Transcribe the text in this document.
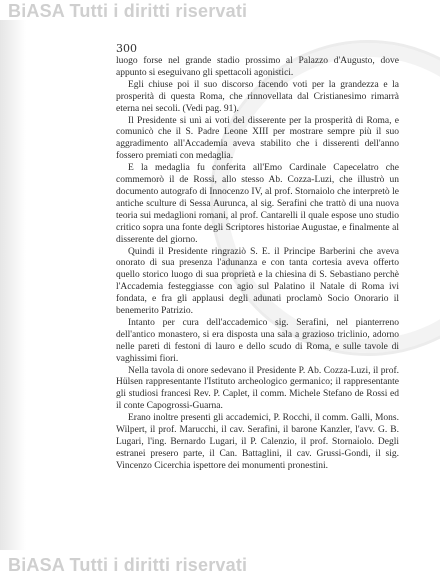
BiASA Tutti i diritti riservati
300

luogo forse nel grande stadio prossimo al Palazzo d'Augusto, dove appunto si eseguivano gli spettacoli agonistici.

Egli chiuse poi il suo discorso facendo voti per la grandezza e la prosperità di questa Roma, che rinnovellata dal Cristianesimo rimarrà eterna nei secoli. (Vedi pag. 91).

Il Presidente si unì ai voti del disserente per la prosperità di Roma, e comunicò che il S. Padre Leone XIII per mostrare sempre più il suo aggradimento all'Accademia aveva stabilito che i disserenti dell'anno fossero premiati con medaglia.

E la medaglia fu conferita all'Emo Cardinale Capecelatro che commemorò il de Rossi, allo stesso Ab. Cozza-Luzi, che illustrò un documento autografo di Innocenzo IV, al prof. Stornaiolo che interpretò le antiche sculture di Sessa Aurunca, al sig. Serafini che trattò di una nuova teoria sui medaglioni romani, al prof. Cantarelli il quale espose uno studio critico sopra una fonte degli Scriptores historiae Augustae, e finalmente al disserente del giorno.

Quindi il Presidente ringraziò S. E. il Principe Barberini che aveva onorato di sua presenza l'adunanza e con tanta cortesia aveva offerto quello storico luogo di sua proprietà e la chiesina di S. Sebastiano perchè l'Accademia festeggiasse con agio sul Palatino il Natale di Roma ivi fondata, e fra gli applausi degli adunati proclamò Socio Onorario il benemerito Patrizio.

Intanto per cura dell'accademico sig. Serafini, nel pianterreno dell'antico monastero, si era disposta una sala a grazioso triclinio, adorno nelle pareti di festoni di lauro e dello scudo di Roma, e sulle tavole di vaghissimi fiori.

Nella tavola di onore sedevano il Presidente P. Ab. Cozza-Luzi, il prof. Hülsen rappresentante l'Istituto archeologico germanico; il rappresentante gli studiosi francesi Rev. P. Caplet, il comm. Michele Stefano de Rossi ed il conte Capogrossi-Guarna.

Erano inoltre presenti gli accademici, P. Rocchi, il comm. Galli, Mons. Wilpert, il prof. Marucchi, il cav. Serafini, il barone Kanzler, l'avv. G. B. Lugari, l'ing. Bernardo Lugari, il P. Calenzio, il prof. Stornaiolo. Degli estranei presero parte, il Can. Battaglini, il cav. Grussi-Gondi, il sig. Vincenzo Cicerchia ispettore dei monumenti pronestini.

BiASA Tutti i diritti riservati
